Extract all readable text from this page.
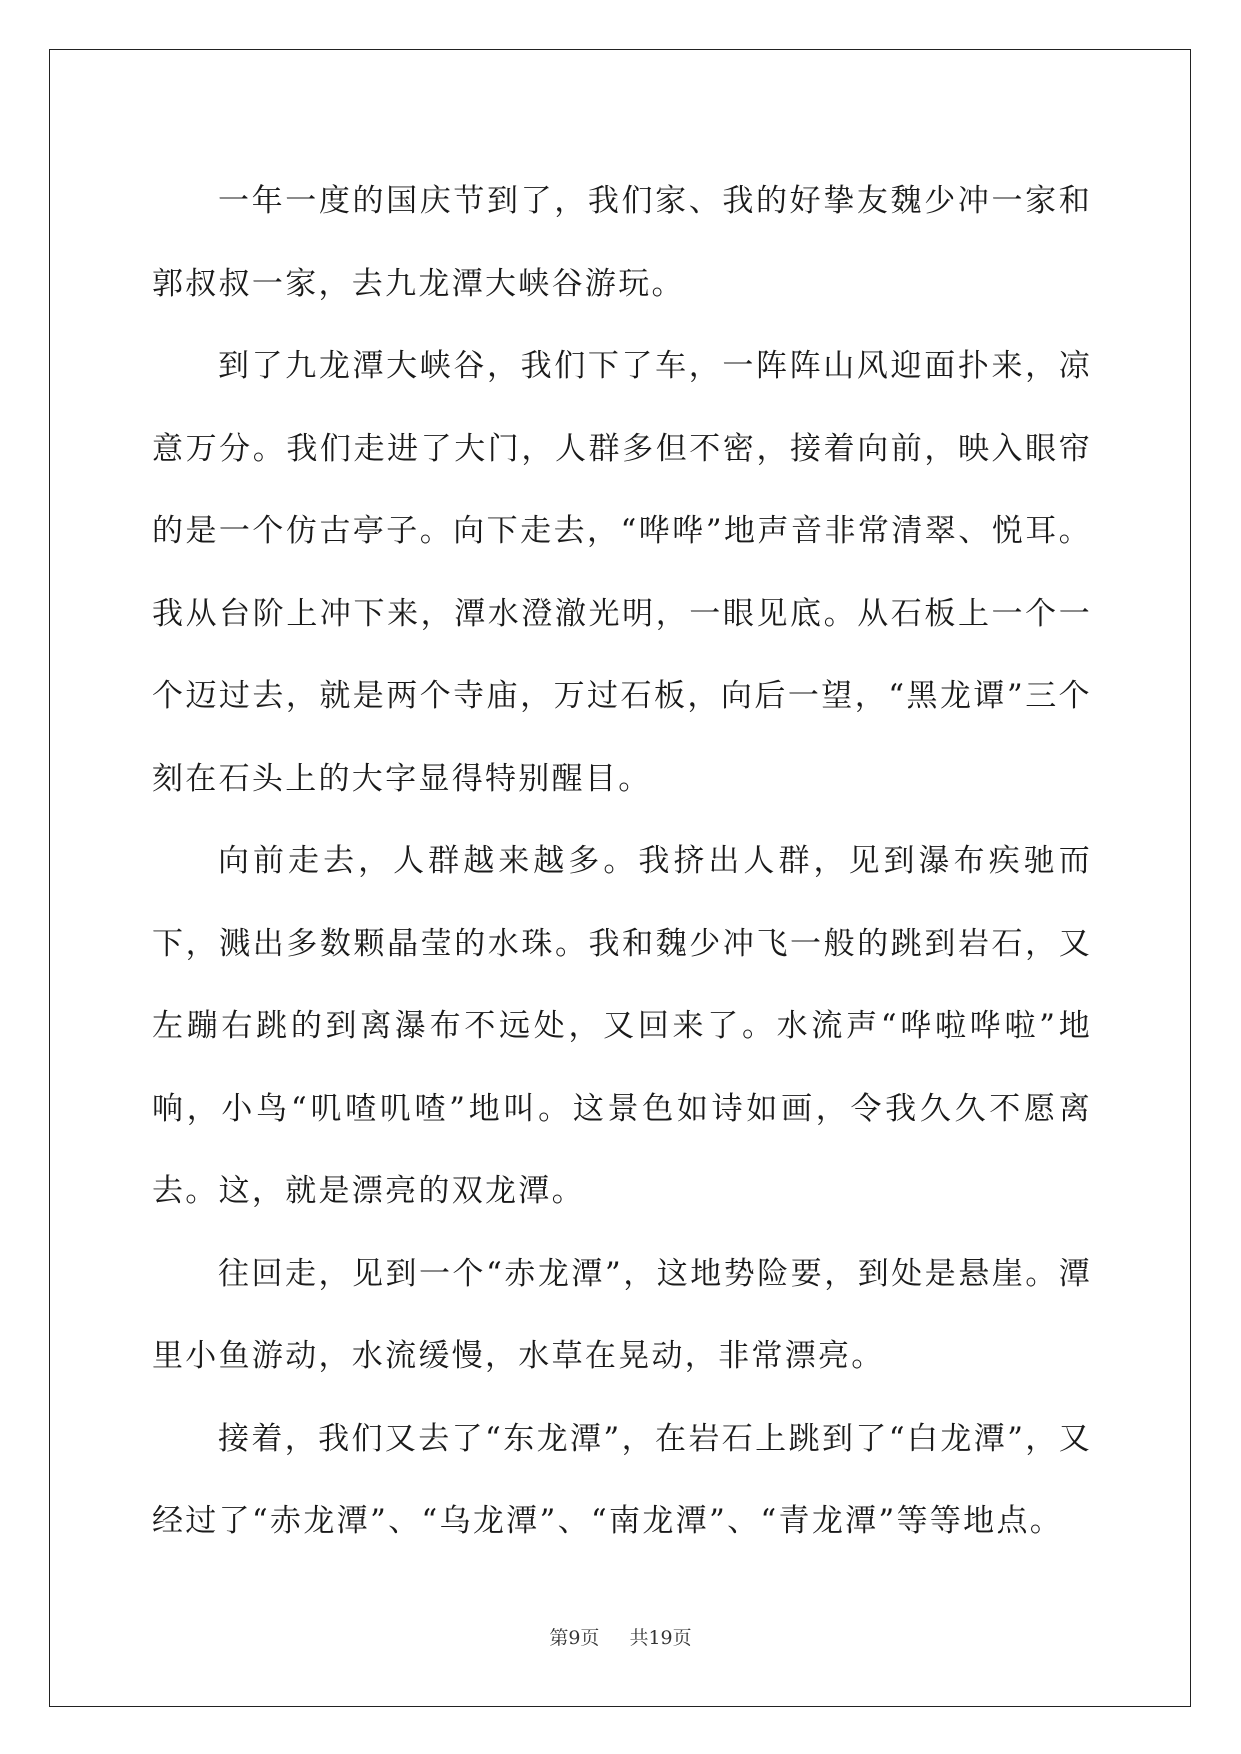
一年一度的国庆节到了，我们家、我的好挚友魏少冲一家和郭叔叔一家，去九龙潭大峡谷游玩。

到了九龙潭大峡谷，我们下了车，一阵阵山风迎面扑来，凉意万分。我们走进了大门，人群多但不密，接着向前，映入眼帘的是一个仿古亭子。向下走去，“哗哗”地声音非常清翠、悦耳。我从台阶上冲下来，潭水澄澈光明，一眼见底。从石板上一个一个迈过去，就是两个寺庙，万过石板，向后一望，“黑龙谭”三个刻在石头上的大字显得特别醒目。

向前走去，人群越来越多。我挤出人群，见到瀑布疾驰而下，溅出多数颗晶莹的水珠。我和魏少冲飞一般的跳到岩石，又左蹦右跳的到离瀑布不远处，又回来了。水流声“哗啦哗啦”地响，小鸟“叽喳叽喳”地叫。这景色如诗如画，令我久久不愿离去。这，就是漂亮的双龙潭。

往回走，见到一个“赤龙潭”，这地势险要，到处是悬崖。潭里小鱼游动，水流缓慢，水草在晃动，非常漂亮。

接着，我们又去了“东龙潭”，在岩石上跳到了“白龙潭”，又经过了“赤龙潭”、“乌龙潭”、“南龙潭”、“青龙潭”等等地点。

第9页 共19页
